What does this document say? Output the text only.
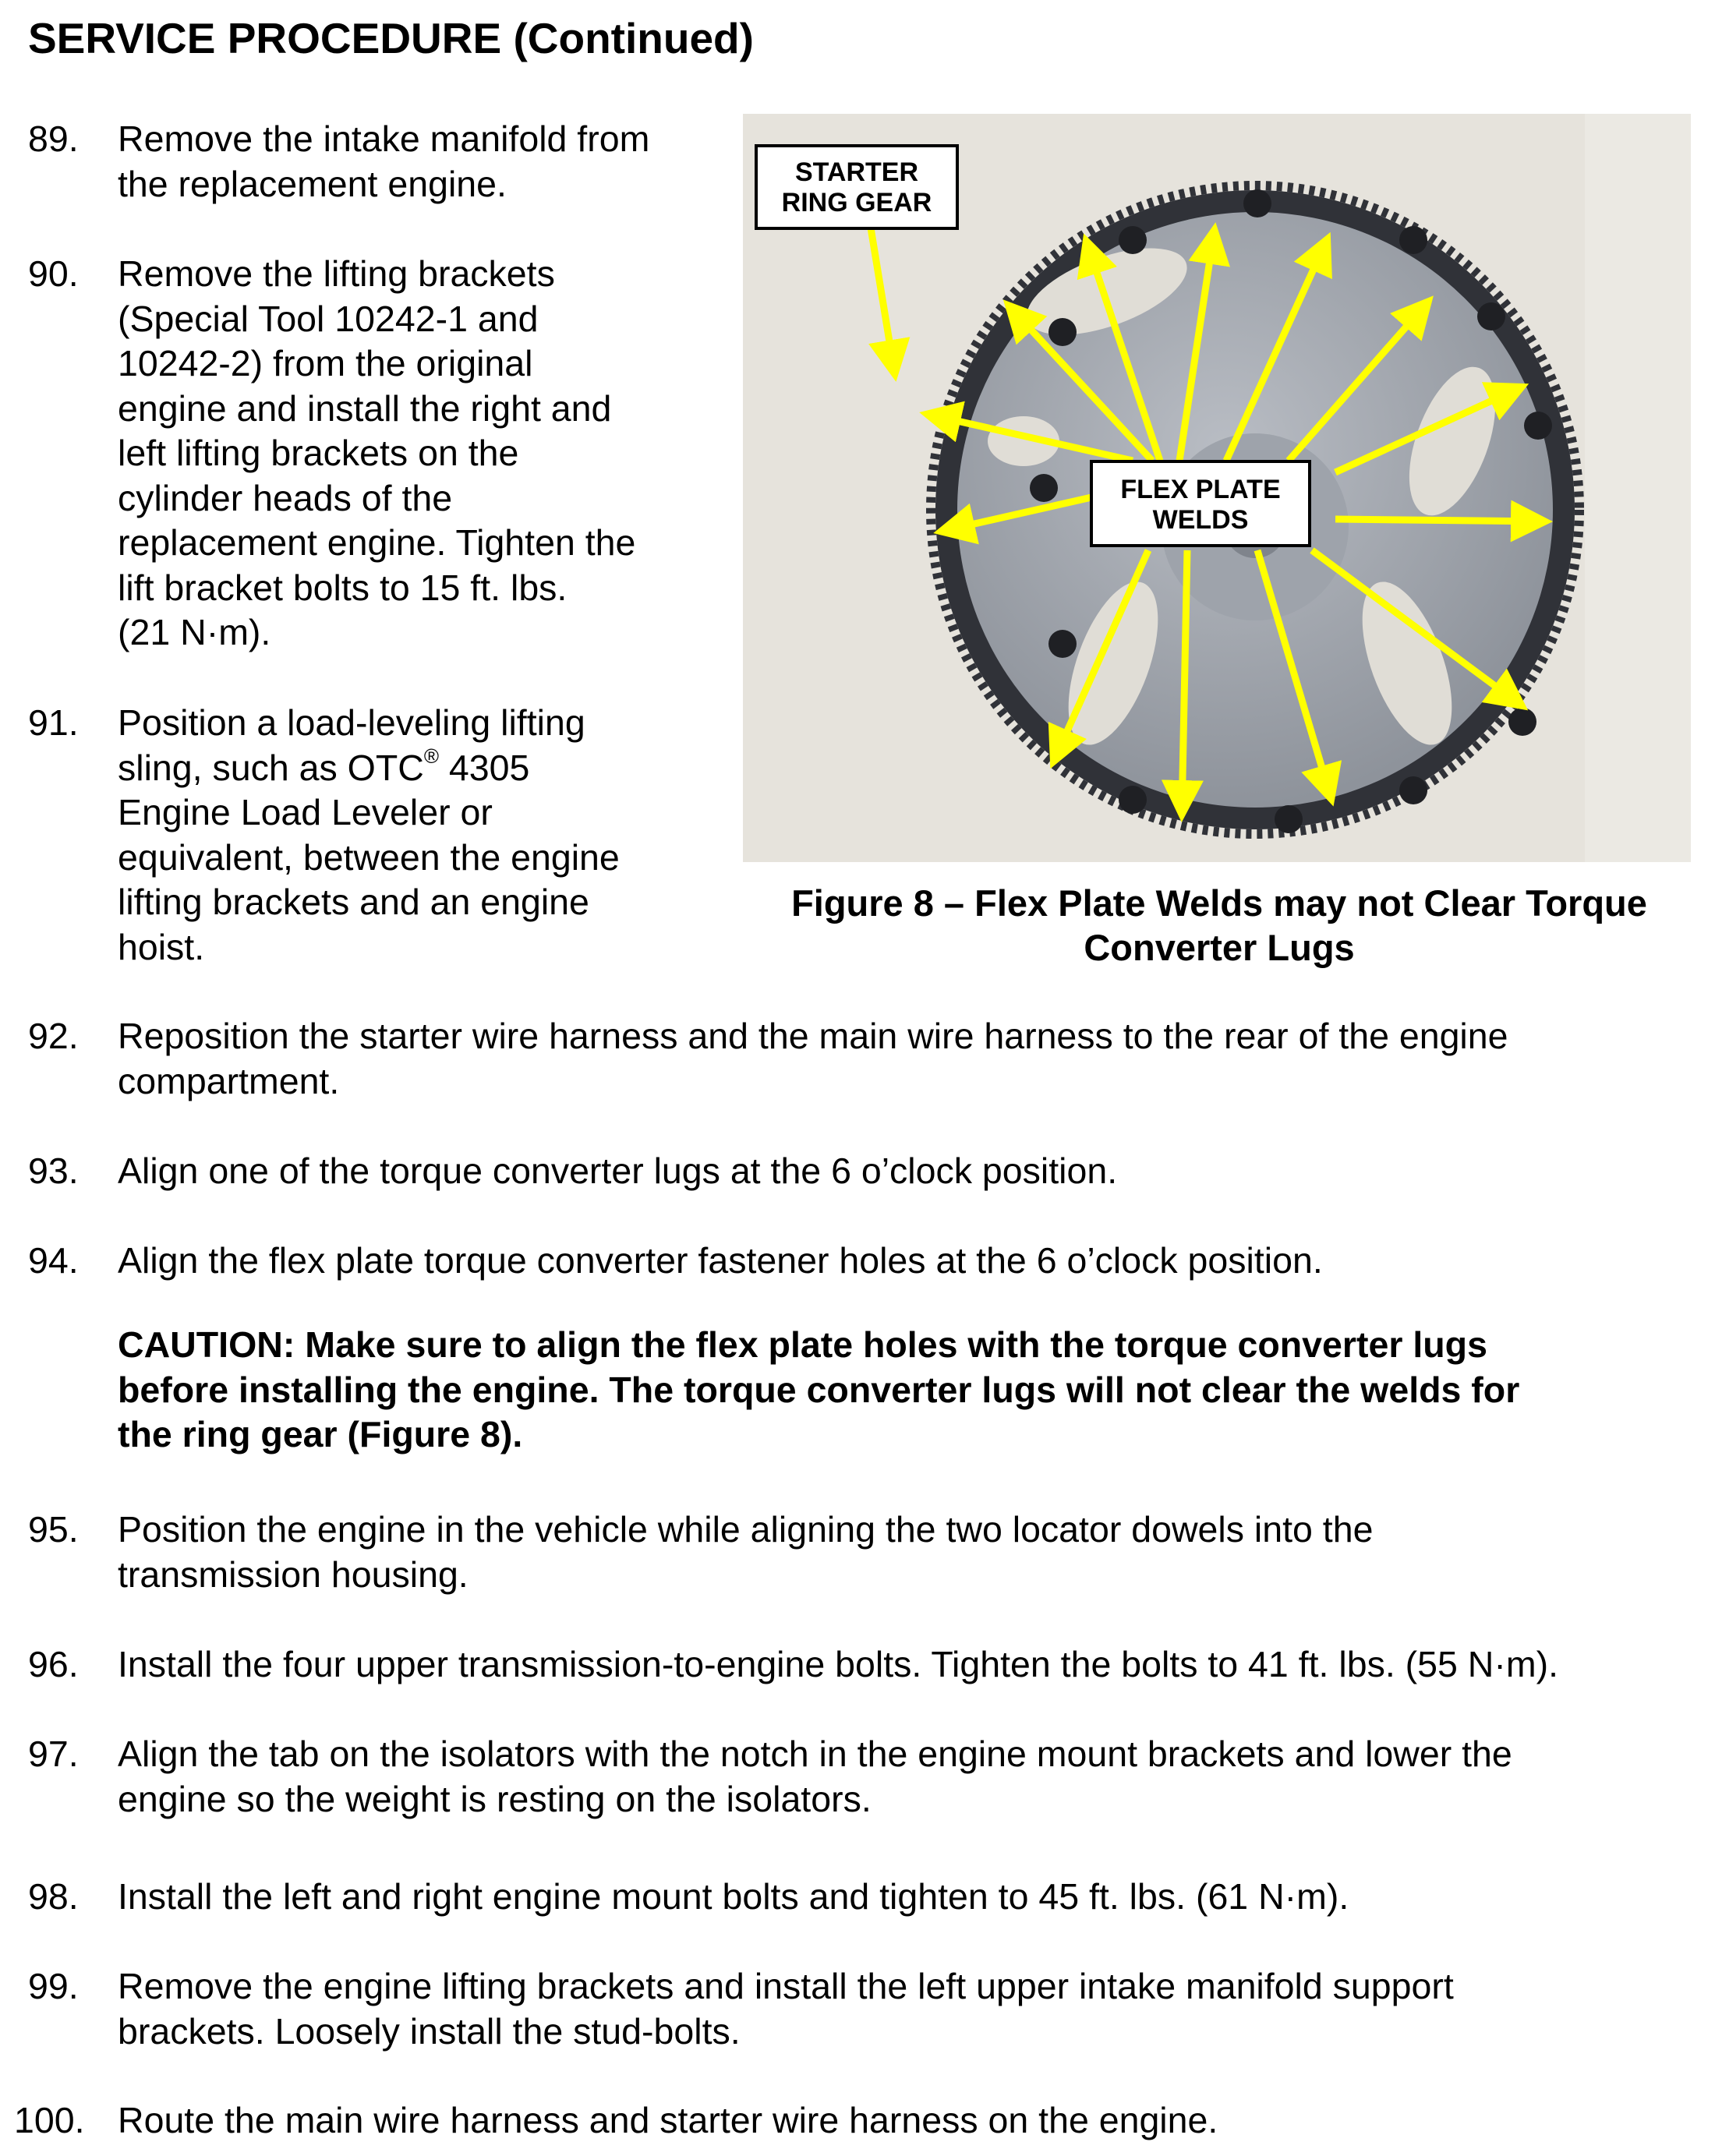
SERVICE PROCEDURE (Continued)
89. Remove the intake manifold from
the replacement engine.
90. Remove the lifting brackets
(Special Tool 10242-1 and
10242-2) from the original
engine and install the right and
left lifting brackets on the
cylinder heads of the
replacement engine. Tighten the
lift bracket bolts to 15 ft. lbs.
(21 N·m).
91. Position a load-leveling lifting
sling, such as OTC® 4305
Engine Load Leveler or
equivalent, between the engine
lifting brackets and an engine
hoist.
STARTER
RING GEAR
FLEX PLATE
WELDS
Figure 8 – Flex Plate Welds may not Clear Torque
Converter Lugs
92. Reposition the starter wire harness and the main wire harness to the rear of the engine
compartment.
93. Align one of the torque converter lugs at the 6 o’clock position.
94. Align the flex plate torque converter fastener holes at the 6 o’clock position.
CAUTION: Make sure to align the flex plate holes with the torque converter lugs
before installing the engine. The torque converter lugs will not clear the welds for
the ring gear (Figure 8).
95. Position the engine in the vehicle while aligning the two locator dowels into the
transmission housing.
96. Install the four upper transmission-to-engine bolts. Tighten the bolts to 41 ft. lbs. (55 N·m).
97. Align the tab on the isolators with the notch in the engine mount brackets and lower the
engine so the weight is resting on the isolators.
98. Install the left and right engine mount bolts and tighten to 45 ft. lbs. (61 N·m).
99. Remove the engine lifting brackets and install the left upper intake manifold support
brackets. Loosely install the stud-bolts.
100. Route the main wire harness and starter wire harness on the engine.
